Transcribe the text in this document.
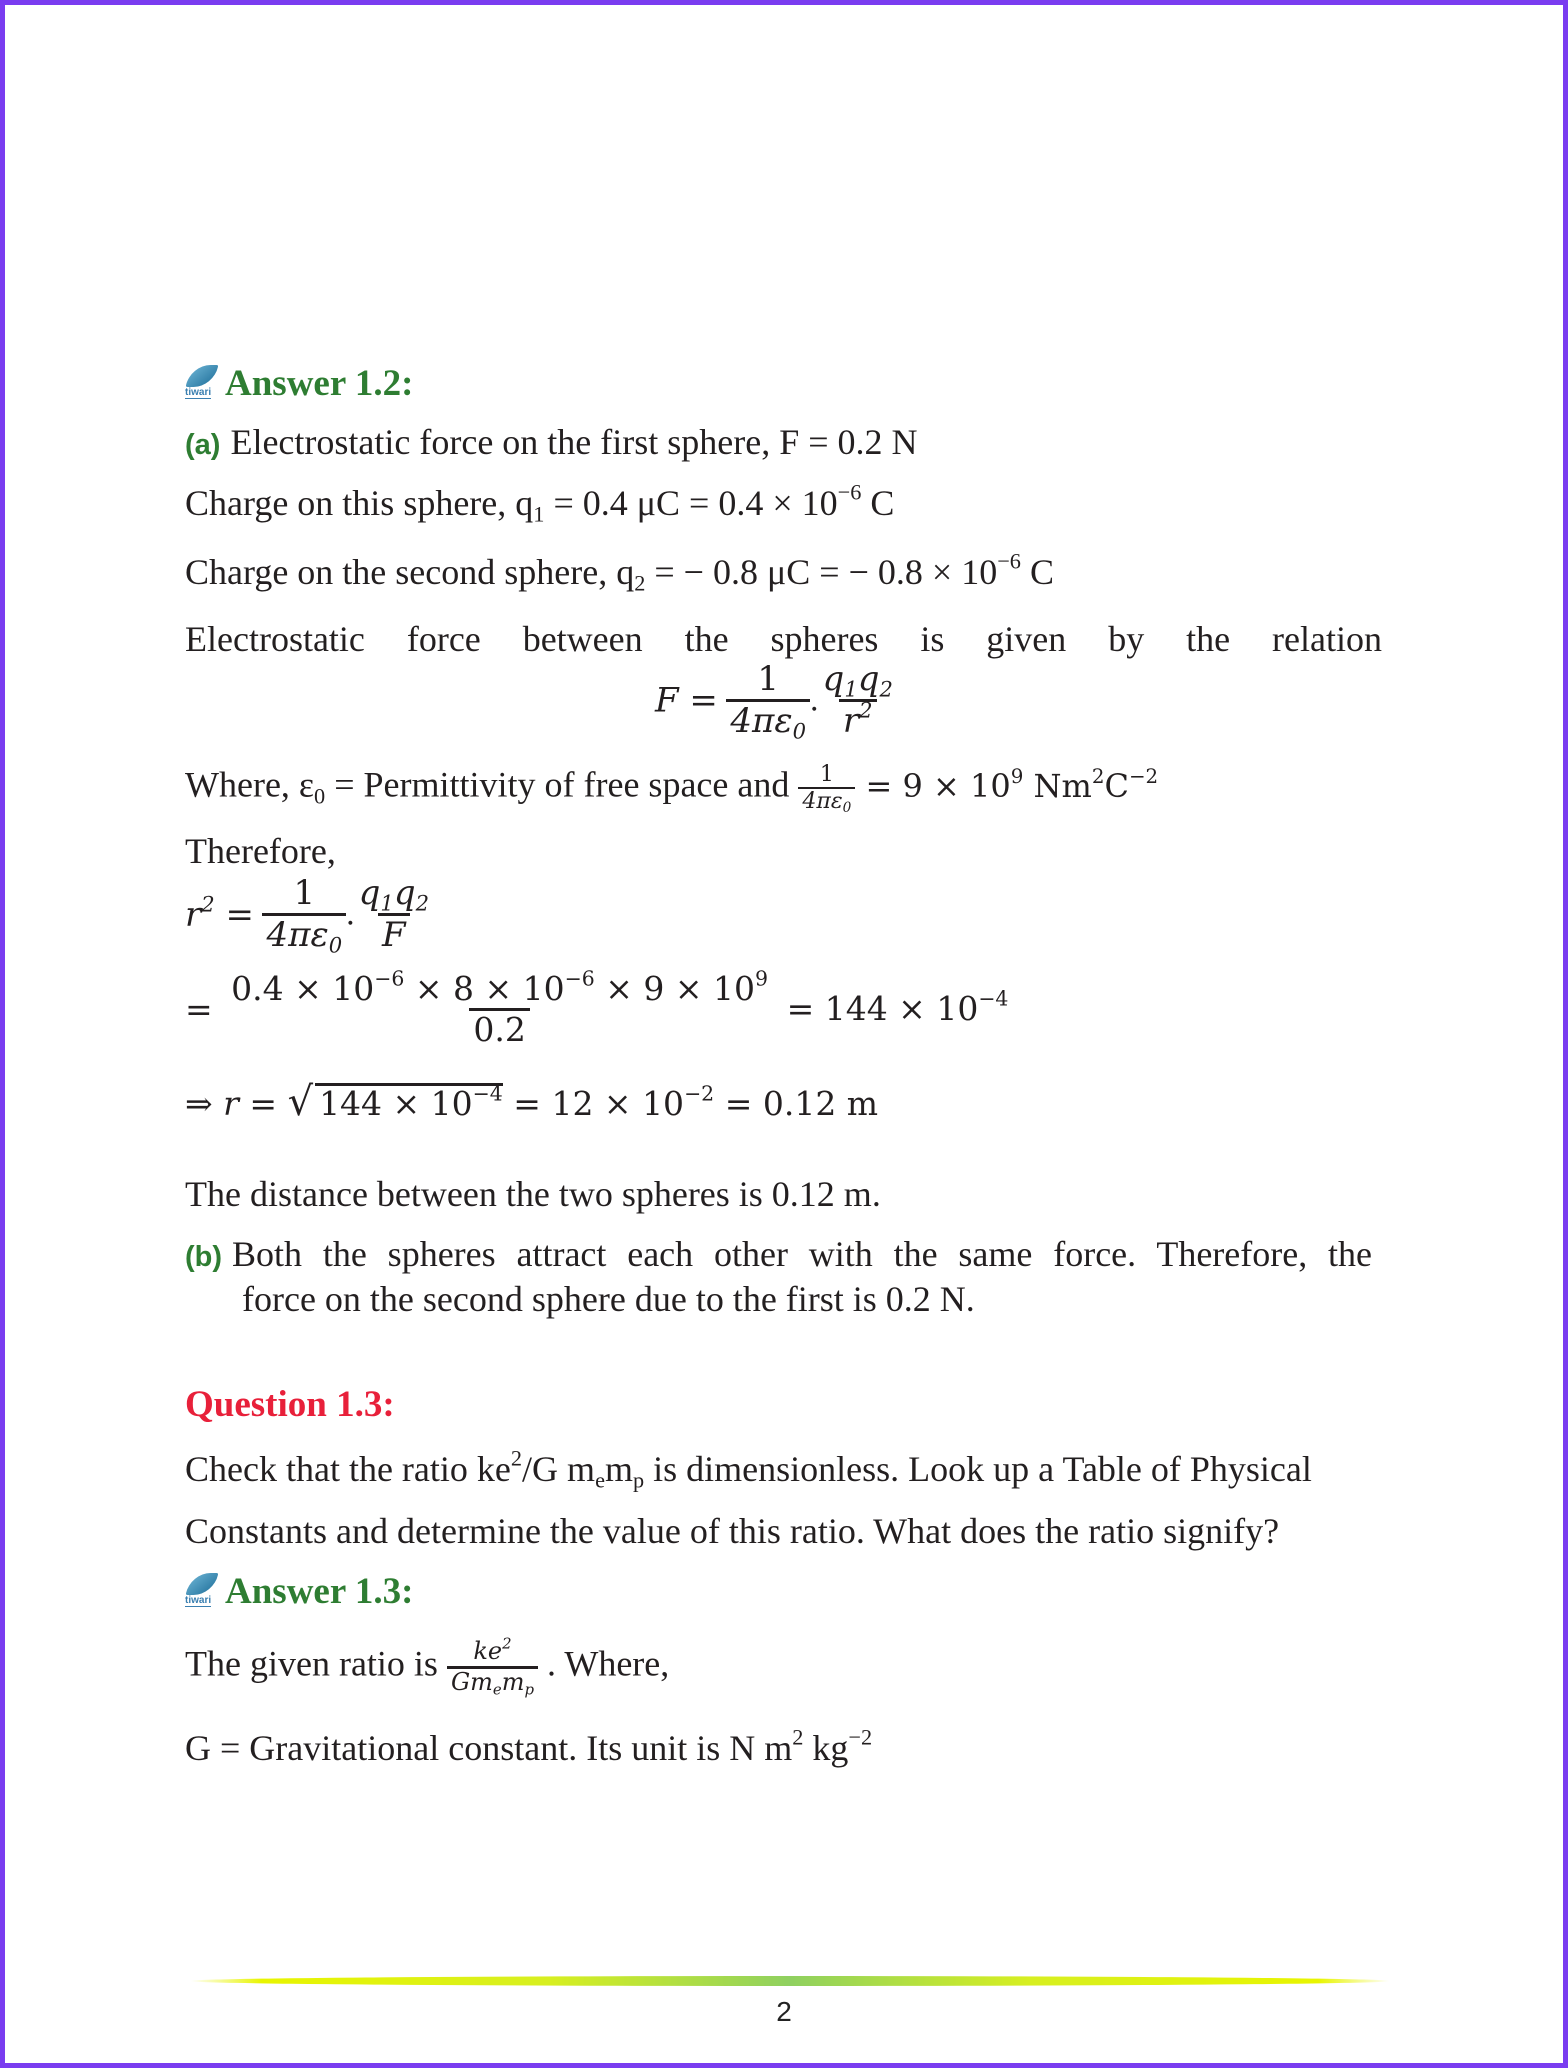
tiwari Answer 1.2:
(a) Electrostatic force on the first sphere, F = 0.2 N
Charge on this sphere, $q_1 = 0.4$ $\mu C = 0.4 \times 10^{-6}$ C
Charge on the second sphere, $q_2$ = − 0.8 μC = − $0.8 \times 10^{-6}$ C
Electrostatic force between the spheres is given by the relation
$F = \frac{1}{4\pi\varepsilon_0}$ . $\frac{q_1q_2}{r^2}$
Where, $\varepsilon_0$ = Permittivity of free space and $\frac{1}{4\pi\varepsilon_0} = 9 \times 10^9$ $Nm^2C^{-2}$
Therefore,
$r^2 = \frac{1}{4\pi\varepsilon_0}$ . $\frac{q_1q_2}{F}$
= $\frac{0.4 \times 10^{-6} \times 8 \times 10^{-6} \times 9 \times 10^9}{0.2} = 144 \times 10^{-4}$
⇒ r = √ $144 \times 10^{-4} = 12 \times 10^{-2} = 0.12$ m
The distance between the two spheres is 0.12 m.
(b) Both the spheres attract each other with the same force. Therefore, the
force on the second sphere due to the first is 0.2 N.
Question 1.3:
Check that the ratio $ke^2/G$ $m_em_p$ is dimensionless. Look up a Table of Physical
Constants and determine the value of this ratio. What does the ratio signify?
tiwari Answer 1.3:
The given ratio is $\frac{ke^2}{Gm_em_p}$ . Where,
G = Gravitational constant. Its unit is N $m^2$ $kg^{-2}$
2
